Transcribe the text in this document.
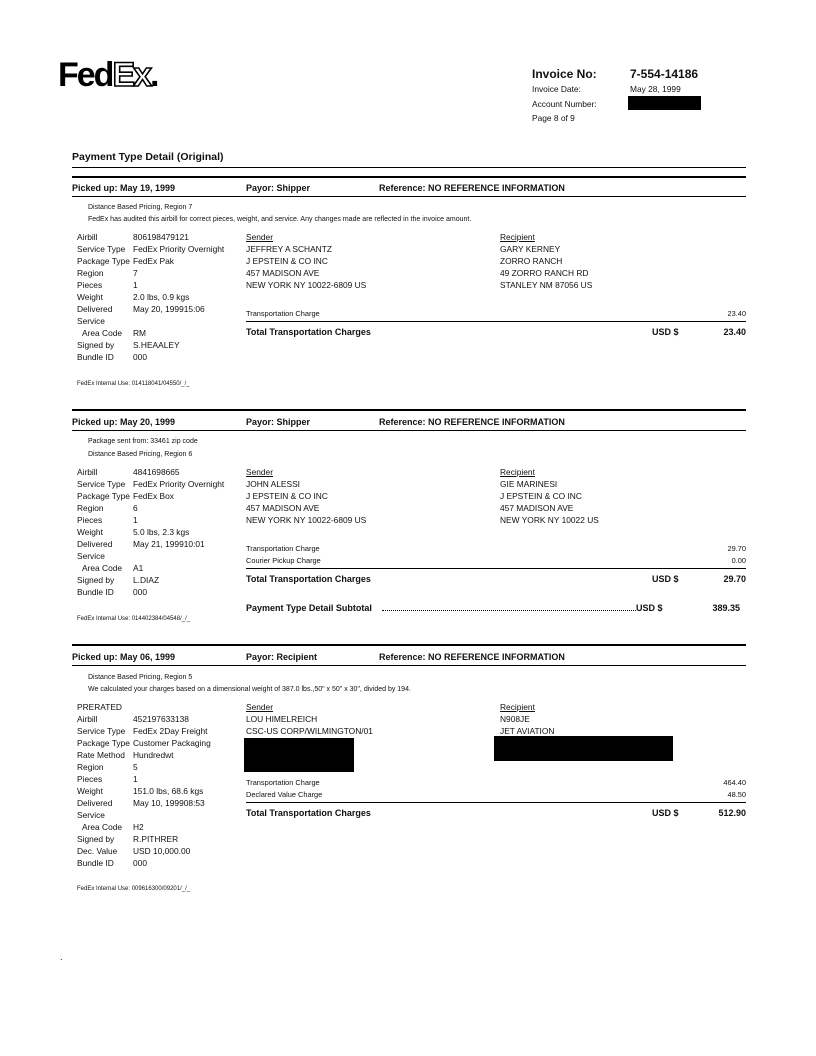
FedEx.	Invoice No:	7-554-14186
Invoice Date:	May 28, 1999
Account Number:
Page 8 of 9
Payment Type Detail (Original)
Picked up: May 19, 1999	Payor: Shipper	Reference: NO REFERENCE INFORMATION
Distance Based Pricing, Region 7
FedEx has audited this airbill for correct pieces, weight, and service. Any changes made are reflected in the invoice amount.
Airbill	806198479121
Service Type FedEx Priority Overnight
Package Type FedEx Pak
Region	7
Pieces	1
Weight	2.0 lbs, 0.9 kgs
Delivered May 20, 199915:06
Service
Area Code RM
Signed by S.HEAALEY
Bundle ID 000
Sender
JEFFREY A SCHANTZ
J EPSTEIN & CO INC
457 MADISON AVE
NEW YORK NY 10022-6809 US
Recipient
GARY KERNEY
ZORRO RANCH
49 ZORRO RANCH RD
STANLEY NM 87056 US
Transportation Charge	23.40
Total Transportation Charges	USD $	23.40
FedEx Internal Use: 014118041/04550/_/_
Picked up: May 20, 1999	Payor: Shipper	Reference: NO REFERENCE INFORMATION
Package sent from: 33461 zip code
Distance Based Pricing, Region 6
Airbill	4841698665
Service Type FedEx Priority Overnight
Package Type FedEx Box
Region	6
Pieces	1
Weight	5.0 lbs, 2.3 kgs
Delivered May 21, 199910:01
Service
Area Code A1
Signed by L.DIAZ
Bundle ID 000
Sender
JOHN ALESSI
J EPSTEIN & CO INC
457 MADISON AVE
NEW YORK NY 10022-6809 US
Recipient
GIE MARINESI
J EPSTEIN & CO INC
457 MADISON AVE
NEW YORK NY 10022 US
Transportation Charge	29.70
Courier Pickup Charge	0.00
Total Transportation Charges	USD $	29.70
Payment Type Detail Subtotal	USD $	389.35
FedEx Internal Use: 014402384/04548/_/_
Picked up: May 06, 1999	Payor: Recipient	Reference: NO REFERENCE INFORMATION
Distance Based Pricing, Region 5
We calculated your charges based on a dimensional weight of 387.0 lbs.,50" x 50" x 30", divided by 194.
PRERATED
Airbill	452197633138
Service Type FedEx 2Day Freight
Package Type Customer Packaging
Rate Method Hundredwt
Region	5
Pieces	1
Weight	151.0 lbs, 68.6 kgs
Delivered May 10, 199908:53
Service
Area Code H2
Signed by R.PITHRER
Dec. Value USD 10,000.00
Bundle ID 000
Sender
LOU HIMELREICH
CSC-US CORP/WILMINGTON/01
Recipient
N908JE
JET AVIATION
Transportation Charge	464.40
Declared Value Charge	48.50
Total Transportation Charges	USD $	512.90
FedEx Internal Use: 009616300/09201/_/_
.
